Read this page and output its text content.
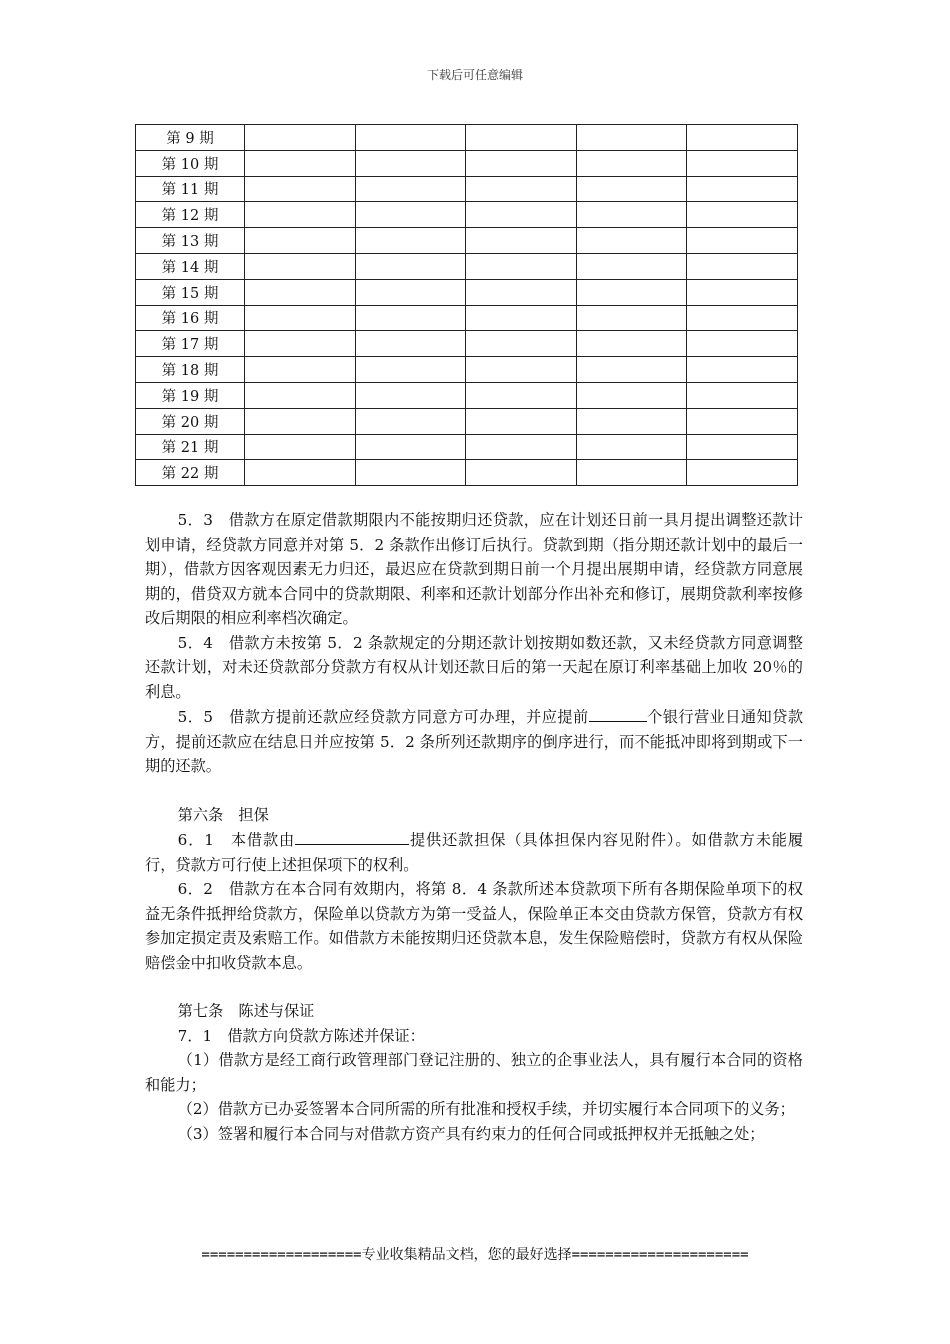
下载后可任意编辑
第 9 期					
第 10 期					
第 11 期					
第 12 期					
第 13 期					
第 14 期					
第 15 期					
第 16 期					
第 17 期					
第 18 期					
第 19 期					
第 20 期					
第 21 期					
第 22 期					

5．3　借款方在原定借款期限内不能按期归还贷款，应在计划还日前一具月提出调整还款计划申请，经贷款方同意并对第 5．2 条款作出修订后执行。贷款到期（指分期还款计划中的最后一期），借款方因客观因素无力归还，最迟应在贷款到期日前一个月提出展期申请，经贷款方同意展期的，借贷双方就本合同中的贷款期限、利率和还款计划部分作出补充和修订，展期贷款利率按修改后期限的相应利率档次确定。

5．4　借款方未按第 5．2 条款规定的分期还款计划按期如数还款，又未经贷款方同意调整还款计划，对未还贷款部分贷款方有权从计划还款日后的第一天起在原订利率基础上加收 20％的利息。

5．5　借款方提前还款应经贷款方同意方可办理，并应提前	个银行营业日通知贷款方，提前还款应在结息日并应按第 5．2 条所列还款期序的倒序进行，而不能抵冲即将到期或下一期的还款。

第六条　担保

6．1　本借款由	提供还款担保（具体担保内容见附件）。如借款方未能履行，贷款方可行使上述担保项下的权利。

6．2　借款方在本合同有效期内，将第 8．4 条款所述本贷款项下所有各期保险单项下的权益无条件抵押给贷款方，保险单以贷款方为第一受益人，保险单正本交由贷款方保管，贷款方有权参加定损定责及索赔工作。如借款方未能按期归还贷款本息，发生保险赔偿时，贷款方有权从保险赔偿金中扣收贷款本息。

第七条　陈述与保证

7．1　借款方向贷款方陈述并保证：

（1）借款方是经工商行政管理部门登记注册的、独立的企事业法人，具有履行本合同的资格和能力；

（2）借款方已办妥签署本合同所需的所有批准和授权手续，并切实履行本合同项下的义务；

（3）签署和履行本合同与对借款方资产具有约束力的任何合同或抵押权并无抵触之处；

===================专业收集精品文档，您的最好选择=====================
